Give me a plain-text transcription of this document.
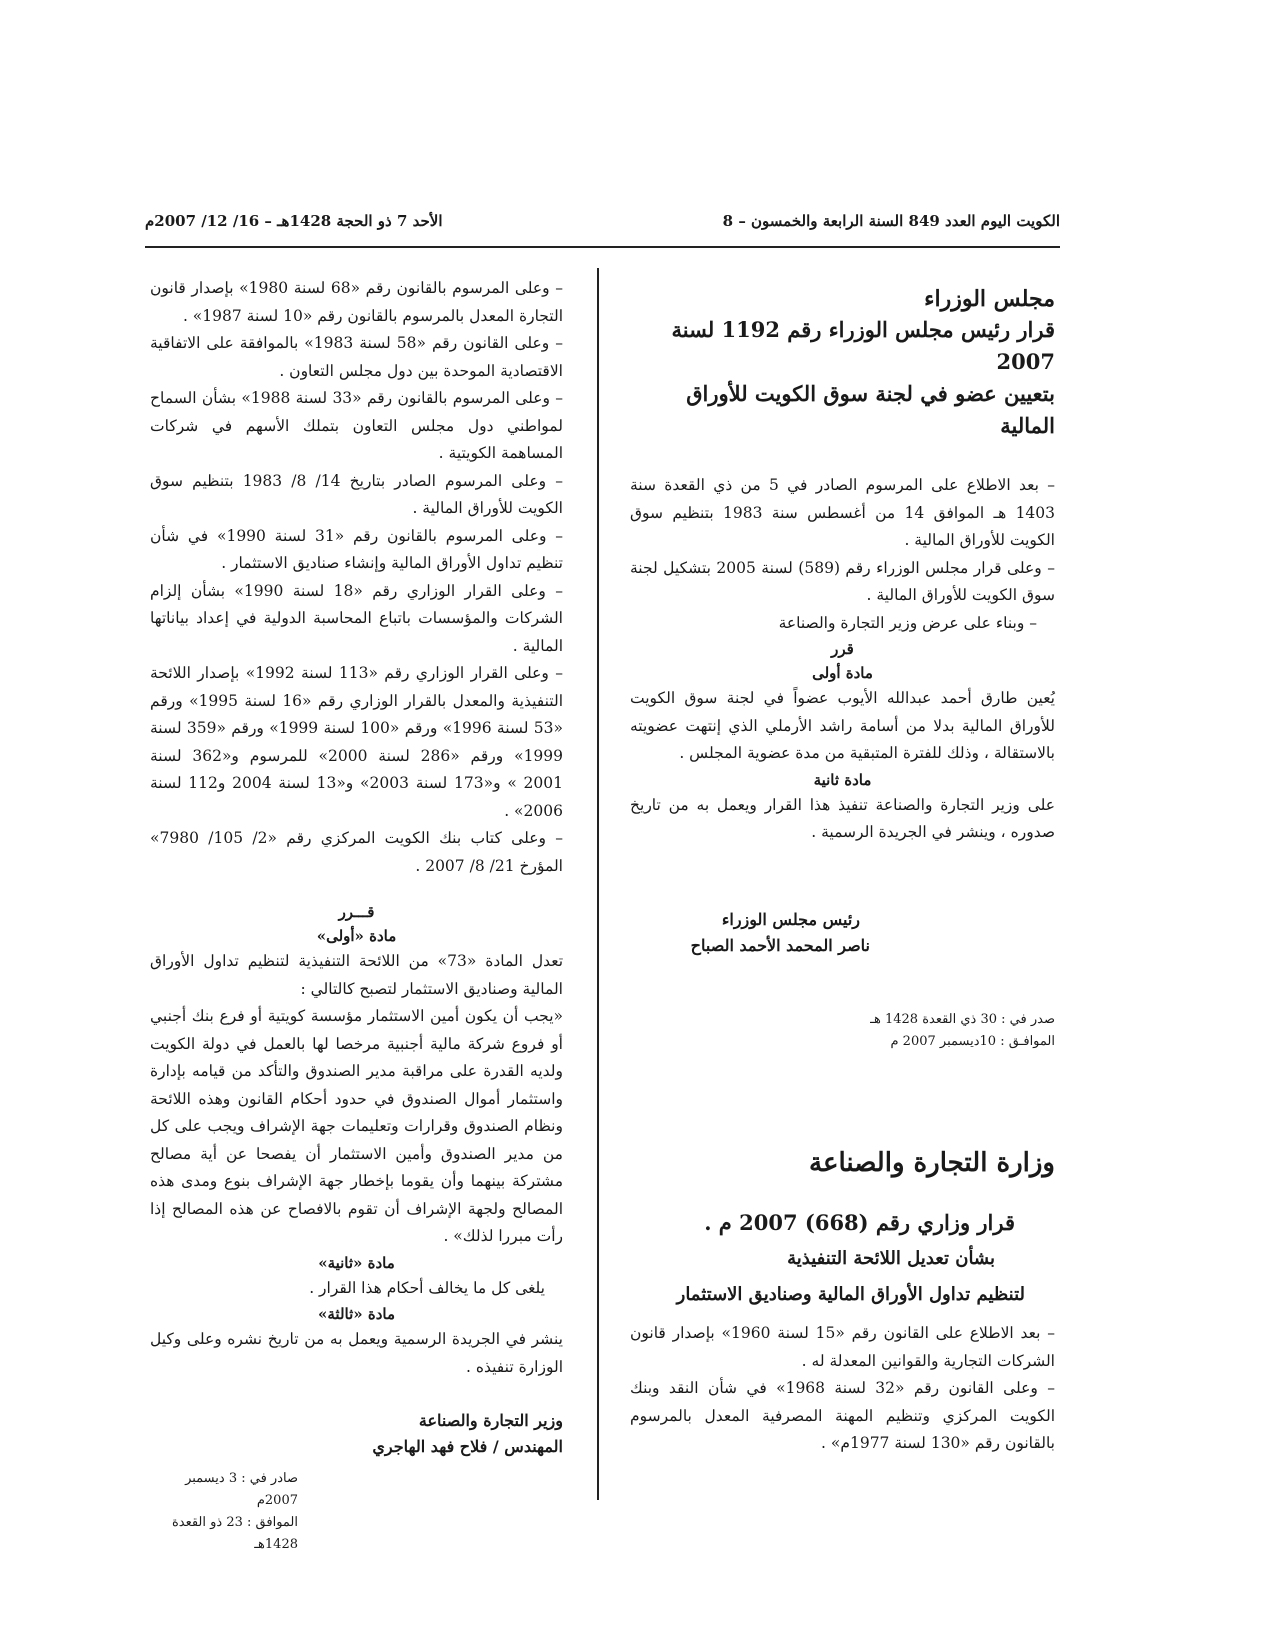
الكويت اليوم العدد 849 السنة الرابعة والخمسون – 8
الأحد 7 ذو الحجة 1428هـ – 16/ 12/ 2007م

مجلس الوزراء

قرار رئيس مجلس الوزراء رقم 1192 لسنة 2007

بتعيين عضو في لجنة سوق الكويت للأوراق المالية

– بعد الاطلاع على المرسوم الصادر في 5 من ذي القعدة سنة 1403 هـ الموافق 14 من أغسطس سنة 1983 بتنظيم سوق الكويت للأوراق المالية .

– وعلى قرار مجلس الوزراء رقم (589) لسنة 2005 بتشكيل لجنة سوق الكويت للأوراق المالية .

– وبناء على عرض وزير التجارة والصناعة

قرر

مادة أولى

يُعين طارق أحمد عبدالله الأيوب عضواً في لجنة سوق الكويت للأوراق المالية بدلا من أسامة راشد الأرملي الذي إنتهت عضويته بالاستقالة ، وذلك للفترة المتبقية من مدة عضوية المجلس .

مادة ثانية

على وزير التجارة والصناعة تنفيذ هذا القرار ويعمل به من تاريخ صدوره ، وينشر في الجريدة الرسمية .

رئيس مجلس الوزراء

ناصر المحمد الأحمد الصباح

صدر في : 30 ذي القعدة 1428 هـ

الموافـق : 10ديسمبر 2007 م

وزارة التجارة والصناعة

قرار وزاري رقم (668) 2007 م .

بشأن تعديل اللائحة التنفيذية

لتنظيم تداول الأوراق المالية وصناديق الاستثمار

– بعد الاطلاع على القانون رقم «15 لسنة 1960» بإصدار قانون الشركات التجارية والقوانين المعدلة له .

– وعلى القانون رقم «32 لسنة 1968» في شأن النقد وبنك الكويت المركزي وتنظيم المهنة المصرفية المعدل بالمرسوم بالقانون رقم «130 لسنة 1977م» .

– وعلى المرسوم بالقانون رقم «68 لسنة 1980» بإصدار قانون التجارة المعدل بالمرسوم بالقانون رقم «10 لسنة 1987» .

– وعلى القانون رقم «58 لسنة 1983» بالموافقة على الاتفاقية الاقتصادية الموحدة بين دول مجلس التعاون .

– وعلى المرسوم بالقانون رقم «33 لسنة 1988» بشأن السماح لمواطني دول مجلس التعاون بتملك الأسهم في شركات المساهمة الكويتية .

– وعلى المرسوم الصادر بتاريخ 14/ 8/ 1983 بتنظيم سوق الكويت للأوراق المالية .

– وعلى المرسوم بالقانون رقم «31 لسنة 1990» في شأن تنظيم تداول الأوراق المالية وإنشاء صناديق الاستثمار .

– وعلى القرار الوزاري رقم «18 لسنة 1990» بشأن إلزام الشركات والمؤسسات باتباع المحاسبة الدولية في إعداد بياناتها المالية .

– وعلى القرار الوزاري رقم «113 لسنة 1992» بإصدار اللائحة التنفيذية والمعدل بالقرار الوزاري رقم «16 لسنة 1995» ورقم «53 لسنة 1996» ورقم «100 لسنة 1999» ورقم «359 لسنة 1999» ورقم «286 لسنة 2000» للمرسوم و«362 لسنة 2001 » و«173 لسنة 2003» و«13 لسنة 2004 و112 لسنة 2006» .

– وعلى كتاب بنك الكويت المركزي رقم «2/ 105/ 7980» المؤرخ 21/ 8/ 2007 .

قـــرر

مادة «أولى»

تعدل المادة «73» من اللائحة التنفيذية لتنظيم تداول الأوراق المالية وصناديق الاستثمار لتصبح كالتالي :

«يجب أن يكون أمين الاستثمار مؤسسة كويتية أو فرع بنك أجنبي أو فروع شركة مالية أجنبية مرخصا لها بالعمل في دولة الكويت ولديه القدرة على مراقبة مدير الصندوق والتأكد من قيامه بإدارة واستثمار أموال الصندوق في حدود أحكام القانون وهذه اللائحة ونظام الصندوق وقرارات وتعليمات جهة الإشراف ويجب على كل من مدير الصندوق وأمين الاستثمار أن يفصحا عن أية مصالح مشتركة بينهما وأن يقوما بإخطار جهة الإشراف بنوع ومدى هذه المصالح ولجهة الإشراف أن تقوم بالافصاح عن هذه المصالح إذا رأت مبررا لذلك» .

مادة «ثانية»

يلغى كل ما يخالف أحكام هذا القرار .

مادة «ثالثة»

ينشر في الجريدة الرسمية ويعمل به من تاريخ نشره وعلى وكيل الوزارة تنفيذه .

وزير التجارة والصناعة

المهندس / فلاح فهد الهاجري

صادر في : 3 ديسمبر 2007م

الموافق : 23 ذو القعدة 1428هـ
